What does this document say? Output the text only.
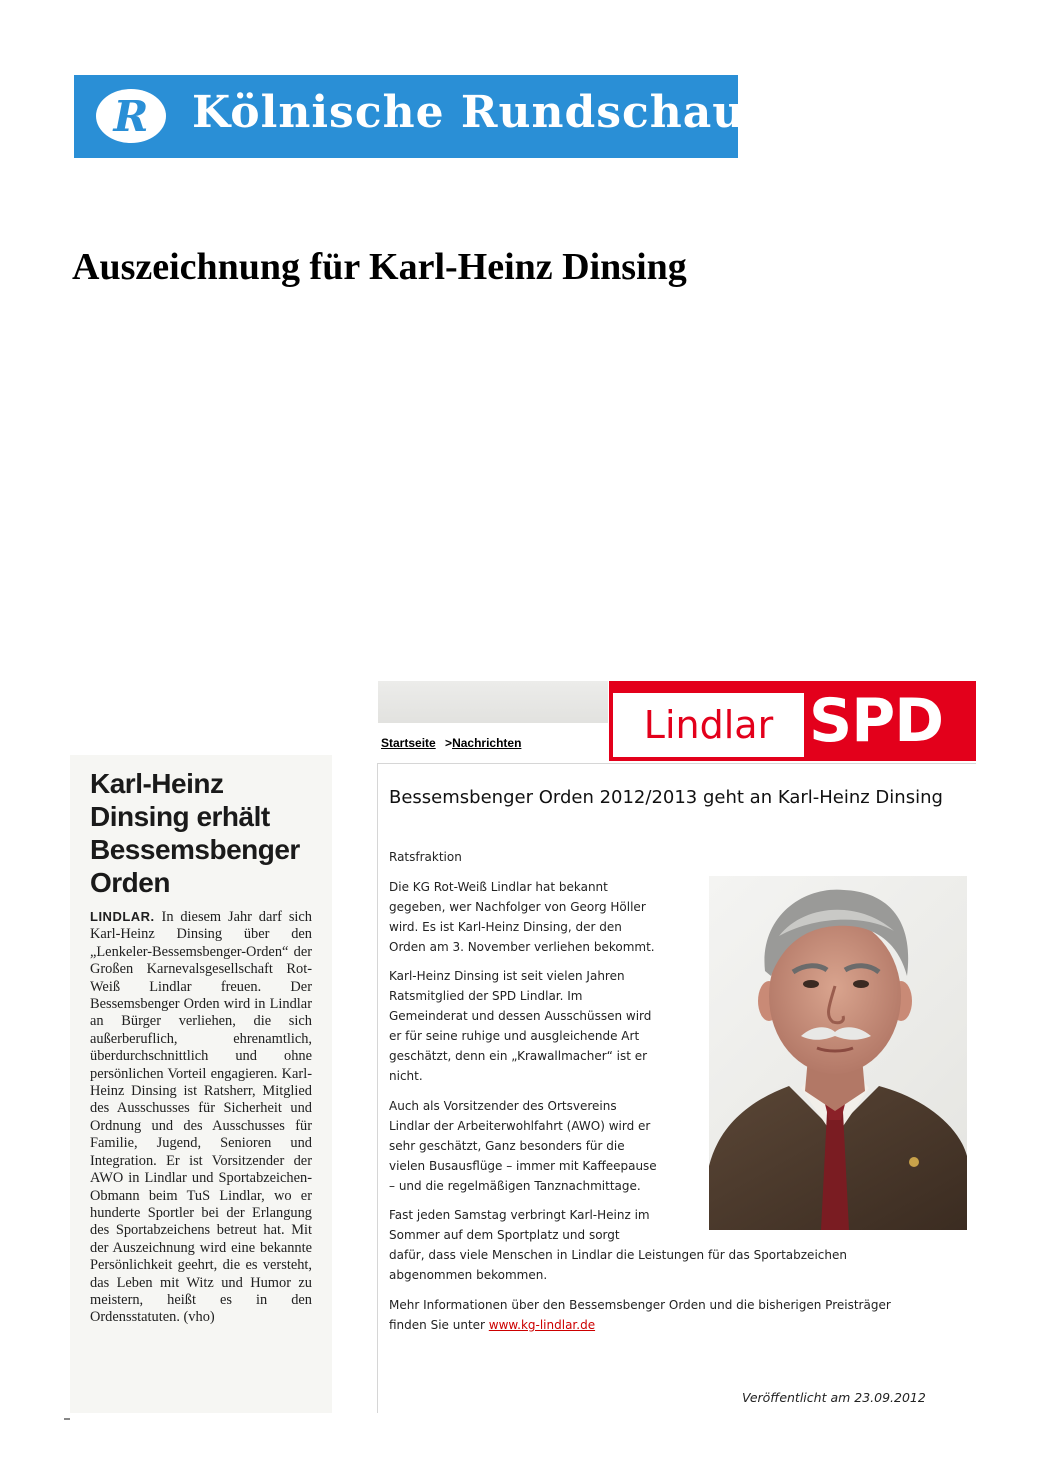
R Kölnische Rundschau
Auszeichnung für Karl-Heinz Dinsing
Karl-Heinz
Dinsing erhält
Bessemsbenger
Orden

LINDLAR. In diesem Jahr darf sich Karl-Heinz Dinsing über den „Lenkeler-Bessemsbenger-Orden“ der Großen Karnevalsgesellschaft Rot-Weiß Lindlar freuen. Der Bessemsbenger Orden wird in Lindlar an Bürger verliehen, die sich außerberuflich, ehrenamtlich, überdurchschnittlich und ohne persönlichen Vorteil engagieren. Karl-Heinz Dinsing ist Ratsherr, Mitglied des Ausschusses für Sicherheit und Ordnung und des Ausschusses für Familie, Jugend, Senioren und Integration. Er ist Vorsitzender der AWO in Lindlar und Sportabzeichen-Obmann beim TuS Lindlar, wo er hunderte Sportler bei der Erlangung des Sportabzeichens betreut hat. Mit der Auszeichnung wird eine bekannte Persönlichkeit geehrt, die es versteht, das Leben mit Witz und Humor zu meistern, heißt es in den Ordensstatuten. (vho)

Startseite >Nachrichten	Lindlar SPD
Bessemsbenger Orden 2012/2013 geht an Karl-Heinz Dinsing
Ratsfraktion

Die KG Rot-Weiß Lindlar hat bekannt
gegeben, wer Nachfolger von Georg Höller
wird. Es ist Karl-Heinz Dinsing, der den
Orden am 3. November verliehen bekommt.

Karl-Heinz Dinsing ist seit vielen Jahren
Ratsmitglied der SPD Lindlar. Im
Gemeinderat und dessen Ausschüssen wird
er für seine ruhige und ausgleichende Art
geschätzt, denn ein „Krawallmacher“ ist er
nicht.

Auch als Vorsitzender des Ortsvereins
Lindlar der Arbeiterwohlfahrt (AWO) wird er
sehr geschätzt, Ganz besonders für die
vielen Busausflüge – immer mit Kaffeepause
– und die regelmäßigen Tanznachmittage.

Fast jeden Samstag verbringt Karl-Heinz im
Sommer auf dem Sportplatz und sorgt
dafür, dass viele Menschen in Lindlar die Leistungen für das Sportabzeichen
abgenommen bekommen.

Mehr Informationen über den Bessemsbenger Orden und die bisherigen Preisträger
finden Sie unter www.kg-lindlar.de

Veröffentlicht am 23.09.2012
